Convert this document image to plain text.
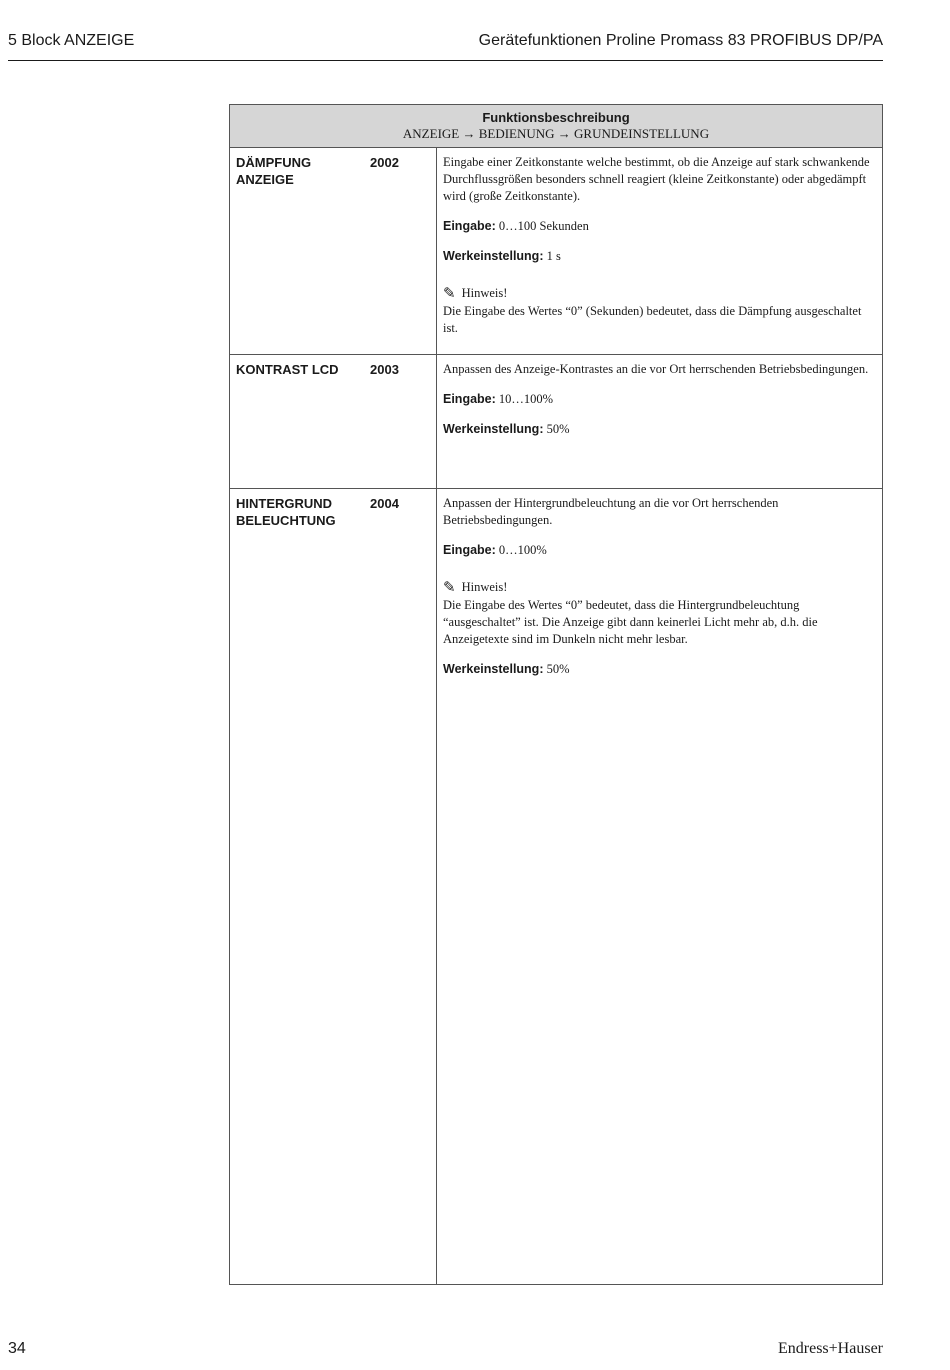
5 Block ANZEIGE	Gerätefunktionen Proline Promass 83 PROFIBUS DP/PA
Funktionsbeschreibung
ANZEIGE → BEDIENUNG → GRUNDEINSTELLUNG
DÄMPFUNG
ANZEIGE
2002	Eingabe einer Zeitkonstante welche bestimmt, ob die Anzeige auf stark schwankende Durchflussgrößen besonders schnell reagiert (kleine Zeitkonstante) oder abgedämpft wird (große Zeitkonstante).

Eingabe: 0…100 Sekunden

Werkeinstellung: 1 s

✎ Hinweis!
Die Eingabe des Wertes “0” (Sekunden) bedeutet, dass die Dämpfung ausgeschaltet ist.

KONTRAST LCD	2003	Anpassen des Anzeige-Kontrastes an die vor Ort herrschenden Betriebsbedingungen.

Eingabe: 10…100%

Werkeinstellung: 50%

HINTERGRUND
BELEUCHTUNG
2004	Anpassen der Hintergrundbeleuchtung an die vor Ort herrschenden Betriebsbedingungen.

Eingabe: 0…100%

✎ Hinweis!
Die Eingabe des Wertes “0” bedeutet, dass die Hintergrundbeleuchtung “ausgeschaltet” ist. Die Anzeige gibt dann keinerlei Licht mehr ab, d.h. die Anzeigetexte sind im Dunkeln nicht mehr lesbar.

Werkeinstellung: 50%

34	Endress+Hauser
